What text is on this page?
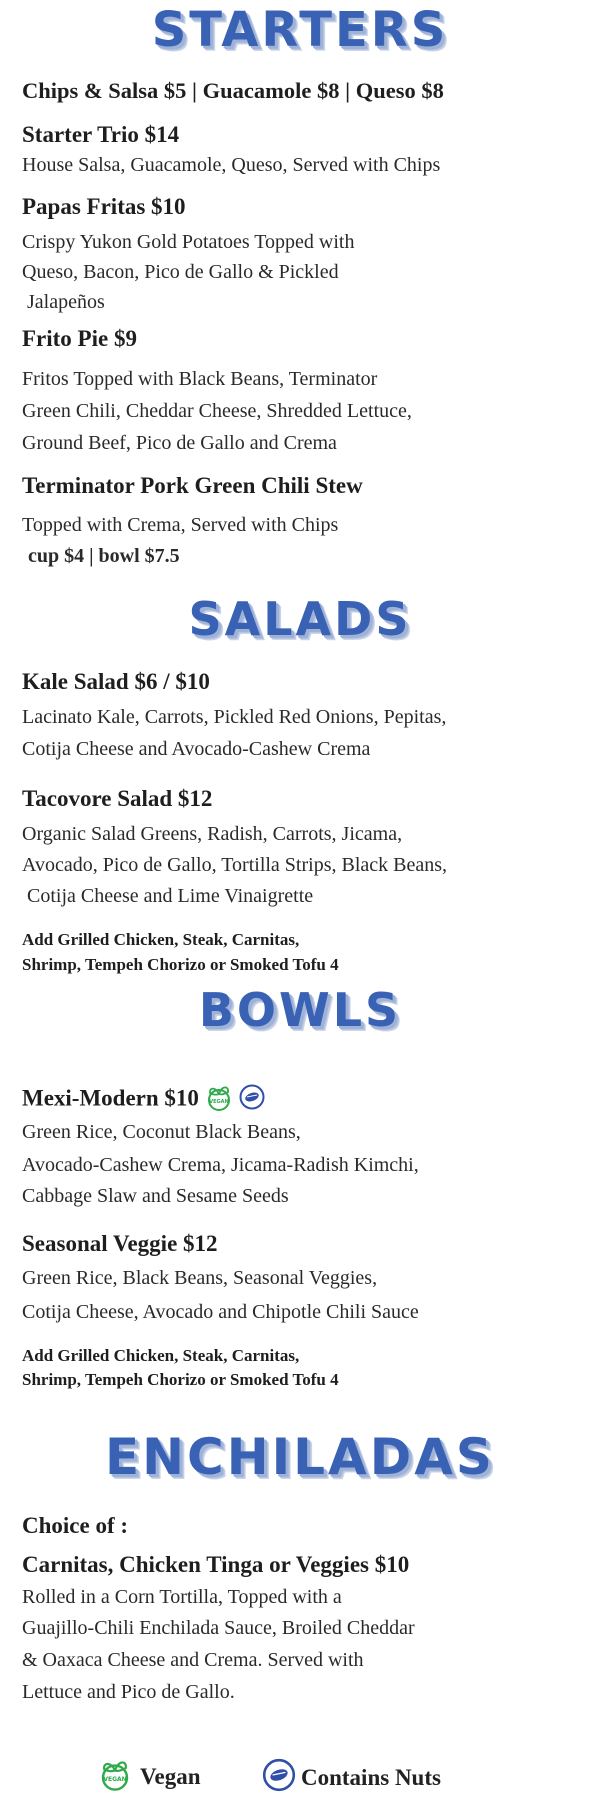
STARTERS
Chips & Salsa $5 | Guacamole $8 | Queso $8
Starter Trio $14
House Salsa, Guacamole, Queso, Served with Chips
Papas Fritas $10
Crispy Yukon Gold Potatoes Topped with
Queso, Bacon, Pico de Gallo & Pickled
Jalapeños
Frito Pie $9
Fritos Topped with Black Beans, Terminator
Green Chili, Cheddar Cheese, Shredded Lettuce,
Ground Beef, Pico de Gallo and Crema
Terminator Pork Green Chili Stew
Topped with Crema, Served with Chips
cup $4 | bowl $7.5
SALADS
Kale Salad $6 / $10
Lacinato Kale, Carrots, Pickled Red Onions, Pepitas,
Cotija Cheese and Avocado-Cashew Crema
Tacovore Salad $12
Organic Salad Greens, Radish, Carrots, Jicama,
Avocado, Pico de Gallo, Tortilla Strips, Black Beans,
Cotija Cheese and Lime Vinaigrette
Add Grilled Chicken, Steak, Carnitas,
Shrimp, Tempeh Chorizo or Smoked Tofu 4
BOWLS
Mexi-Modern $10 VEGAN

Green Rice, Coconut Black Beans,
Avocado-Cashew Crema, Jicama-Radish Kimchi,
Cabbage Slaw and Sesame Seeds
Seasonal Veggie $12
Green Rice, Black Beans, Seasonal Veggies,
Cotija Cheese, Avocado and Chipotle Chili Sauce
Add Grilled Chicken, Steak, Carnitas,
Shrimp, Tempeh Chorizo or Smoked Tofu 4
ENCHILADAS
Choice of :
Carnitas, Chicken Tinga or Veggies $10
Rolled in a Corn Tortilla, Topped with a
Guajillo-Chili Enchilada Sauce, Broiled Cheddar
& Oaxaca Cheese and Crema. Served with
Lettuce and Pico de Gallo.
VEGAN Vegan	Contains Nuts
